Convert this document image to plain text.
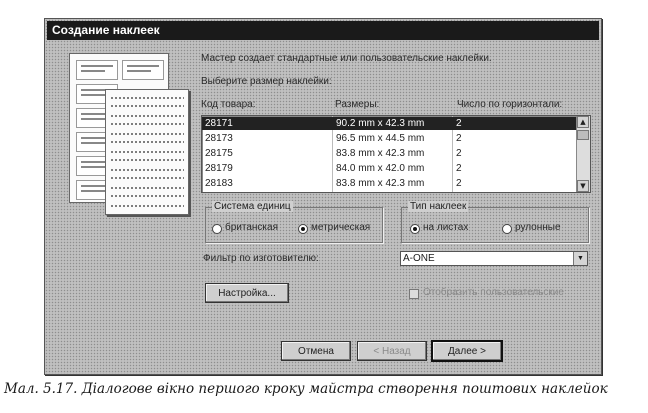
Создание наклеек
Мастер создает стандартные или пользовательские наклейки.
Выберите размер наклейки:
Код товара:	Размеры:	Число по горизонтали:
28171	90.2 mm x 42.3 mm	2
28173	96.5 mm x 44.5 mm	2
28175	83.8 mm x 42.3 mm	2
28179	84.0 mm x 42.0 mm	2
28183	83.8 mm x 42.3 mm	2
▲
▼
Система единиц
британская	метрическая
Тип наклеек
на листах	рулонные
Фильтр по изготовителю:	A-ONE	▼
Настройка...	Отобразить пользовательские
Отмена	< Назад	Далее >
Мал. 5.17. Діалогове вікно першого кроку майстра створення поштових наклейок
